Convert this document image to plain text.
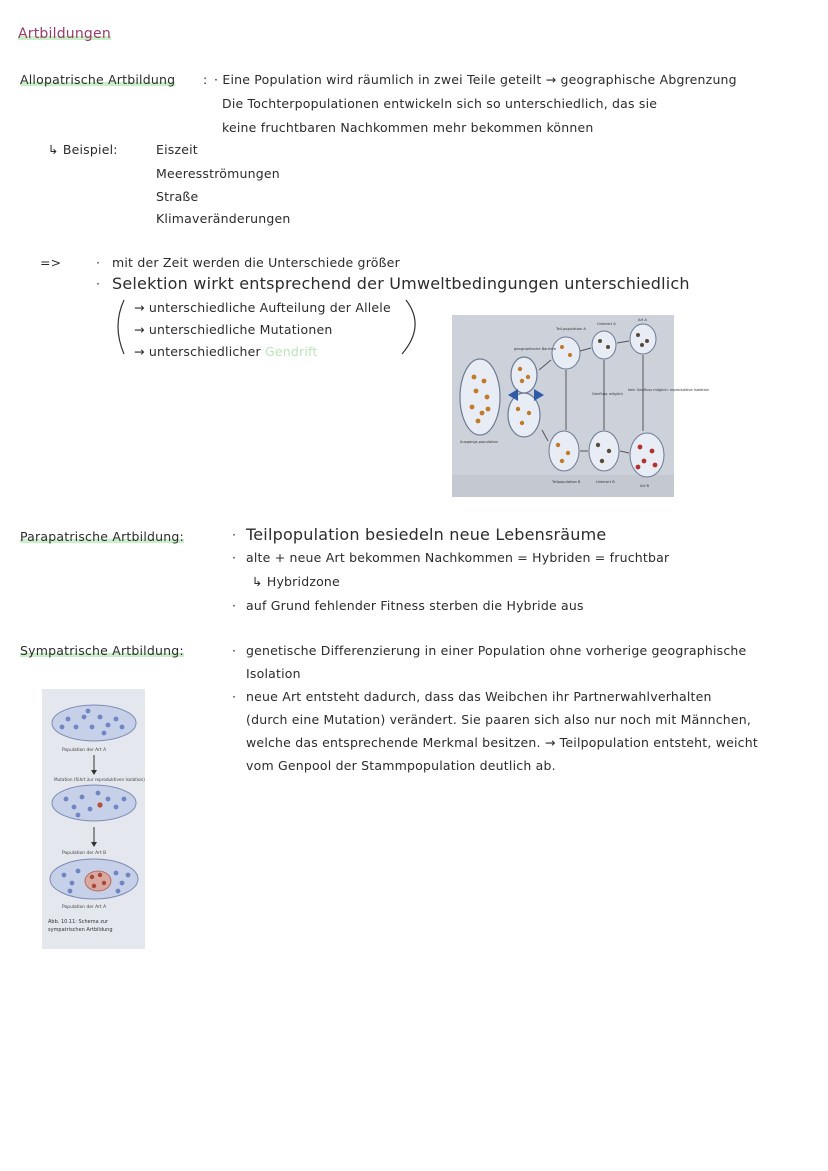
Artbildungen
Allopatrische Artbildung : · Eine Population wird räumlich in zwei Teile geteilt → geographische Abgrenzung
Die Tochterpopulationen entwickeln sich so unterschiedlich, das sie
keine fruchtbaren Nachkommen mehr bekommen können
↳ Beispiel:	Eiszeit
Meeresströmungen
Straße
Klimaveränderungen
=>	· mit der Zeit werden die Unterschiede größer
· Selektion wirkt entsprechend der Umweltbedingungen unterschiedlich
→ unterschiedliche Aufteilung der Allele
→ unterschiedliche Mutationen
→ unterschiedlicher Gendrift	geographische Barriere
Teil-population A
Unterart A
Art A
Ausgangs-population
Genfluss möglich
kein Genfluss möglich: reproduktive Isolation
Teilpopulation B	Unterart B
Art B
Parapatrische Artbildung:	· Teilpopulation besiedeln neue Lebensräume
· alte + neue Art bekommen Nachkommen = Hybriden = fruchtbar
↳ Hybridzone
· auf Grund fehlender Fitness sterben die Hybride aus
Sympatrische Artbildung:	· genetische Differenzierung in einer Population ohne vorherige geographische
Isolation
· neue Art entsteht dadurch, dass das Weibchen ihr Partnerwahlverhalten
(durch eine Mutation) verändert. Sie paaren sich also nur noch mit Männchen,
welche das entsprechende Merkmal besitzen. → Teilpopulation entsteht, weicht
vom Genpool der Stammpopulation deutlich ab.
Population der Art A
Mutation (führt zur reproduktiven Isolation)
Population der Art B
Population der Art A
Abb. 10.11: Schema zur
sympatrischen Artbildung
